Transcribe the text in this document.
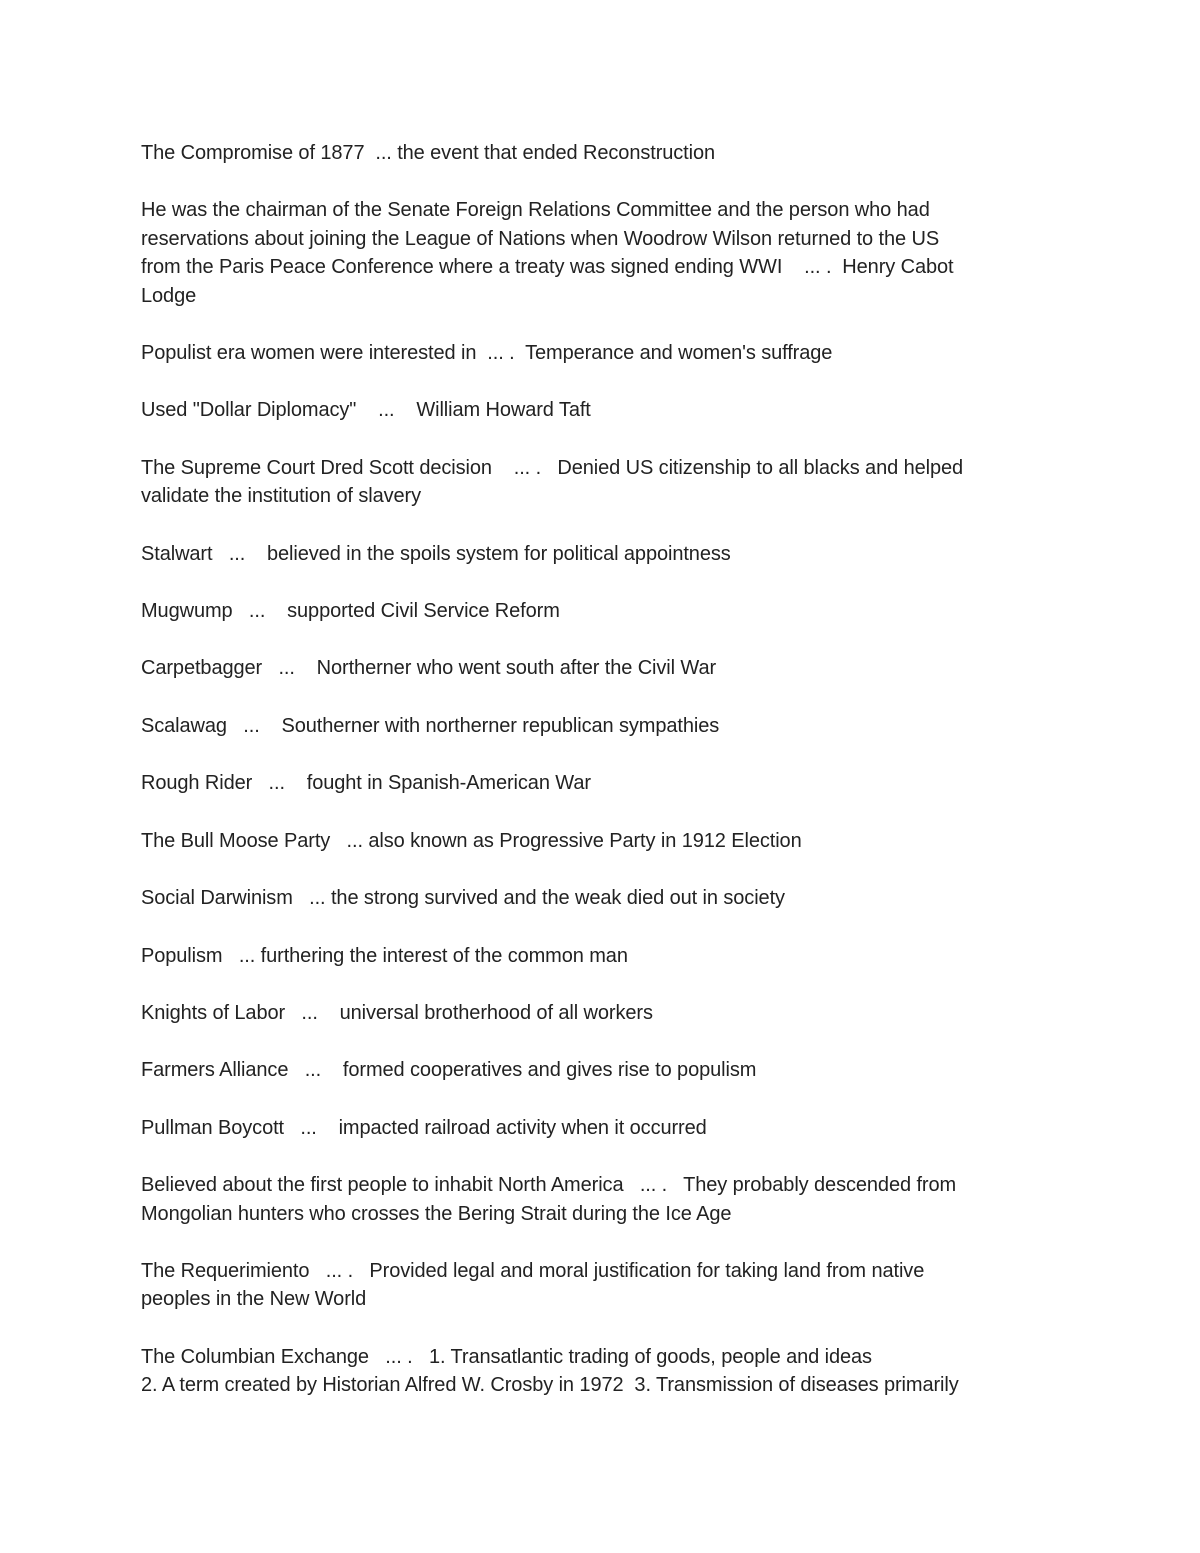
The Compromise of 1877  ... the event that ended Reconstruction
He was the chairman of the Senate Foreign Relations Committee and the person who had
reservations about joining the League of Nations when Woodrow Wilson returned to the US
from the Paris Peace Conference where a treaty was signed ending WWI    ... .  Henry Cabot
Lodge
Populist era women were interested in  ... .  Temperance and women's suffrage
Used "Dollar Diplomacy"    ...    William Howard Taft
The Supreme Court Dred Scott decision    ... .   Denied US citizenship to all blacks and helped
validate the institution of slavery
Stalwart   ...    believed in the spoils system for political appointness
Mugwump   ...    supported Civil Service Reform
Carpetbagger   ...    Northerner who went south after the Civil War
Scalawag   ...    Southerner with northerner republican sympathies
Rough Rider   ...    fought in Spanish-American War
The Bull Moose Party   ... also known as Progressive Party in 1912 Election
Social Darwinism   ... the strong survived and the weak died out in society
Populism   ... furthering the interest of the common man
Knights of Labor   ...    universal brotherhood of all workers
Farmers Alliance   ...    formed cooperatives and gives rise to populism
Pullman Boycott   ...    impacted railroad activity when it occurred
Believed about the first people to inhabit North America   ... .   They probably descended from
Mongolian hunters who crosses the Bering Strait during the Ice Age
The Requerimiento   ... .   Provided legal and moral justification for taking land from native
peoples in the New World
The Columbian Exchange   ... .   1. Transatlantic trading of goods, people and ideas
2. A term created by Historian Alfred W. Crosby in 1972  3. Transmission of diseases primarily
